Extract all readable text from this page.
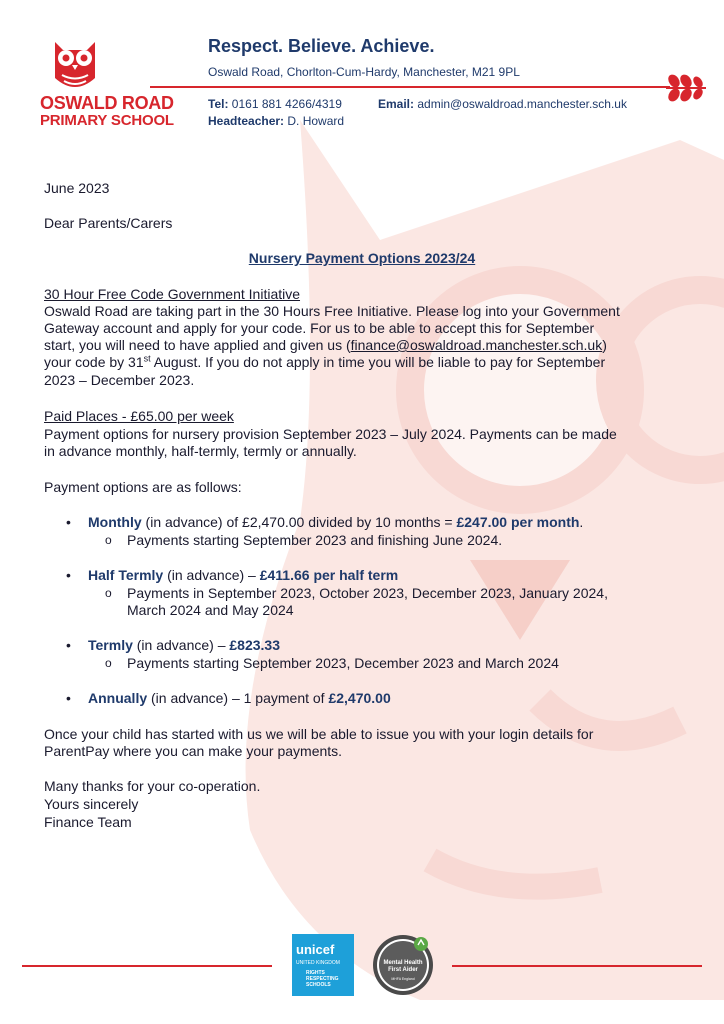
OSWALD ROAD
PRIMARY SCHOOL
Respect. Believe. Achieve.
Oswald Road, Chorlton-Cum-Hardy, Manchester, M21 9PL
Tel: 0161 881 4266/4319	Email: admin@oswaldroad.manchester.sch.uk
Headteacher: D. Howard
June 2023
Dear Parents/Carers
Nursery Payment Options 2023/24
30 Hour Free Code Government Initiative
Oswald Road are taking part in the 30 Hours Free Initiative. Please log into your Government
Gateway account and apply for your code. For us to be able to accept this for September
start, you will need to have applied and given us (finance@oswaldroad.manchester.sch.uk)
your code by 31st August. If you do not apply in time you will be liable to pay for September
2023 – December 2023.
Paid Places - £65.00 per week
Payment options for nursery provision September 2023 – July 2024. Payments can be made
in advance monthly, half-termly, termly or annually.
Payment options are as follows:
• Monthly (in advance) of £2,470.00 divided by 10 months = £247.00 per month.
o Payments starting September 2023 and finishing June 2024.
• Half Termly (in advance) – £411.66 per half term
o Payments in September 2023, October 2023, December 2023, January 2024,
March 2024 and May 2024
• Termly (in advance) – £823.33
o Payments starting September 2023, December 2023 and March 2024
• Annually (in advance) – 1 payment of £2,470.00
Once your child has started with us we will be able to issue you with your login details for
ParentPay where you can make your payments.
Many thanks for your co-operation.
Yours sincerely
Finance Team
unicef
UNITED KINGDOM
RIGHTS RESPECTING SCHOOLS
Mental Health
First Aider
MHFA England
